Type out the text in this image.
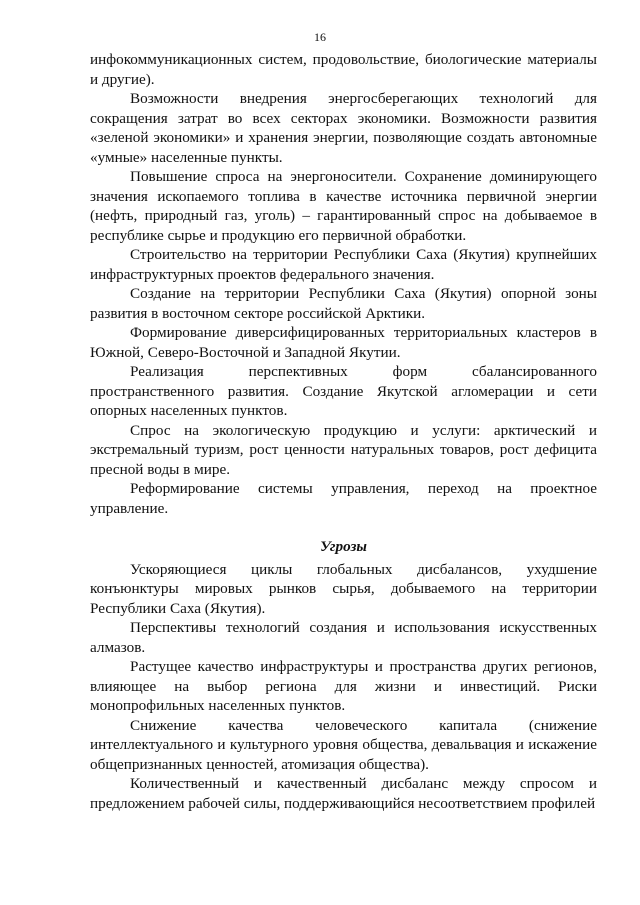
16

инфокоммуникационных систем, продовольствие, биологические материалы и другие).

Возможности внедрения энергосберегающих технологий для сокращения затрат во всех секторах экономики. Возможности развития «зеленой экономики» и хранения энергии, позволяющие создать автономные «умные» населенные пункты.

Повышение спроса на энергоносители. Сохранение доминирующего значения ископаемого топлива в качестве источника первичной энергии (нефть, природный газ, уголь) – гарантированный спрос на добываемое в республике сырье и продукцию его первичной обработки.

Строительство на территории Республики Саха (Якутия) крупнейших инфраструктурных проектов федерального значения.

Создание на территории Республики Саха (Якутия) опорной зоны развития в восточном секторе российской Арктики.

Формирование диверсифицированных территориальных кластеров в Южной, Северо-Восточной и Западной Якутии.

Реализация перспективных форм сбалансированного пространственного развития. Создание Якутской агломерации и сети опорных населенных пунктов.

Спрос на экологическую продукцию и услуги: арктический и экстремальный туризм, рост ценности натуральных товаров, рост дефицита пресной воды в мире.

Реформирование системы управления, переход на проектное управление.

Угрозы

Ускоряющиеся циклы глобальных дисбалансов, ухудшение конъюнктуры мировых рынков сырья, добываемого на территории Республики Саха (Якутия).

Перспективы технологий создания и использования искусственных алмазов.

Растущее качество инфраструктуры и пространства других регионов, влияющее на выбор региона для жизни и инвестиций. Риски монопрофильных населенных пунктов.

Снижение качества человеческого капитала (снижение интеллектуального и культурного уровня общества, девальвация и искажение общепризнанных ценностей, атомизация общества).

Количественный и качественный дисбаланс между спросом и предложением рабочей силы, поддерживающийся несоответствием профилей
